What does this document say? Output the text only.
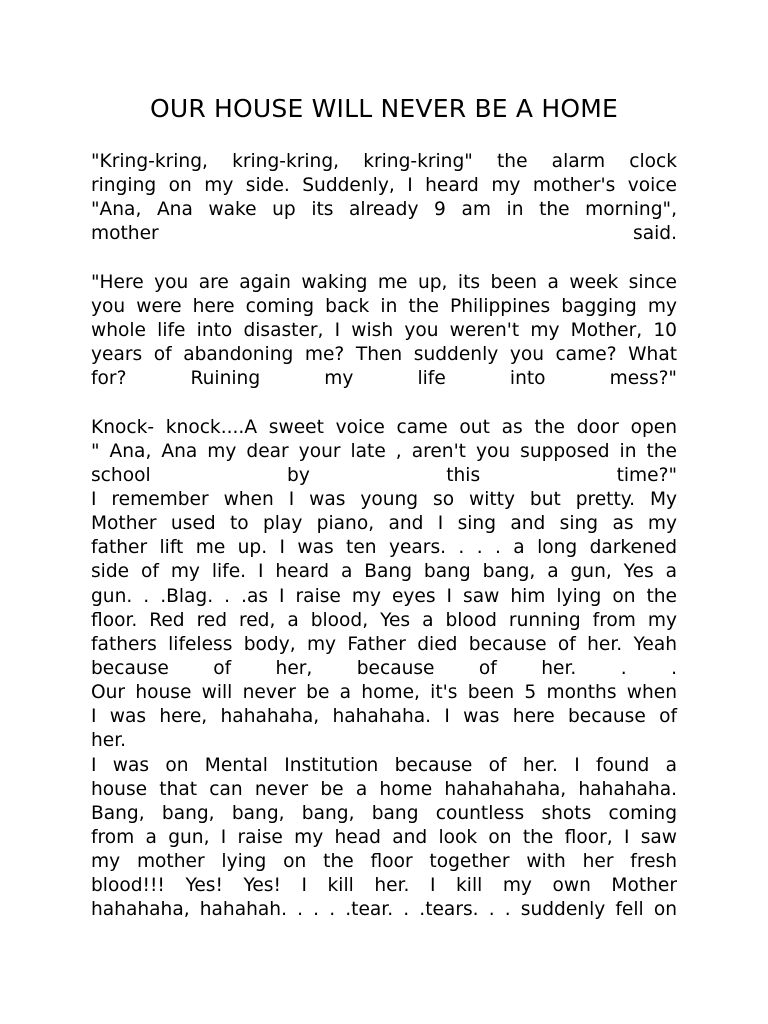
OUR HOUSE WILL NEVER BE A HOME
"Kring-kring, kring-kring, kring-kring" the alarm clock
ringing on my side. Suddenly, I heard my mother's voice
"Ana, Ana wake up its already 9 am in the morning",
mother said.
"Here you are again waking me up, its been a week since
you were here coming back in the Philippines bagging my
whole life into disaster, I wish you weren't my Mother, 10
years of abandoning me? Then suddenly you came? What
for? Ruining my life into mess?"
Knock- knock....A sweet voice came out as the door open
" Ana, Ana my dear your late , aren't you supposed in the
school by this time?"
I remember when I was young so witty but pretty. My
Mother used to play piano, and I sing and sing as my
father lift me up. I was ten years. . . . a long darkened
side of my life. I heard a Bang bang bang, a gun, Yes a
gun. . .Blag. . .as I raise my eyes I saw him lying on the
floor. Red red red, a blood, Yes a blood running from my
fathers lifeless body, my Father died because of her. Yeah
because of her, because of her. . .
Our house will never be a home, it's been 5 months when
I was here, hahahaha, hahahaha. I was here because of
her.
I was on Mental Institution because of her. I found a
house that can never be a home hahahahaha, hahahaha.
Bang, bang, bang, bang, bang countless shots coming
from a gun, I raise my head and look on the floor, I saw
my mother lying on the floor together with her fresh
blood!!! Yes! Yes! I kill her. I kill my own Mother
hahahaha, hahahah. . . . .tear. . .tears. . . suddenly fell on
